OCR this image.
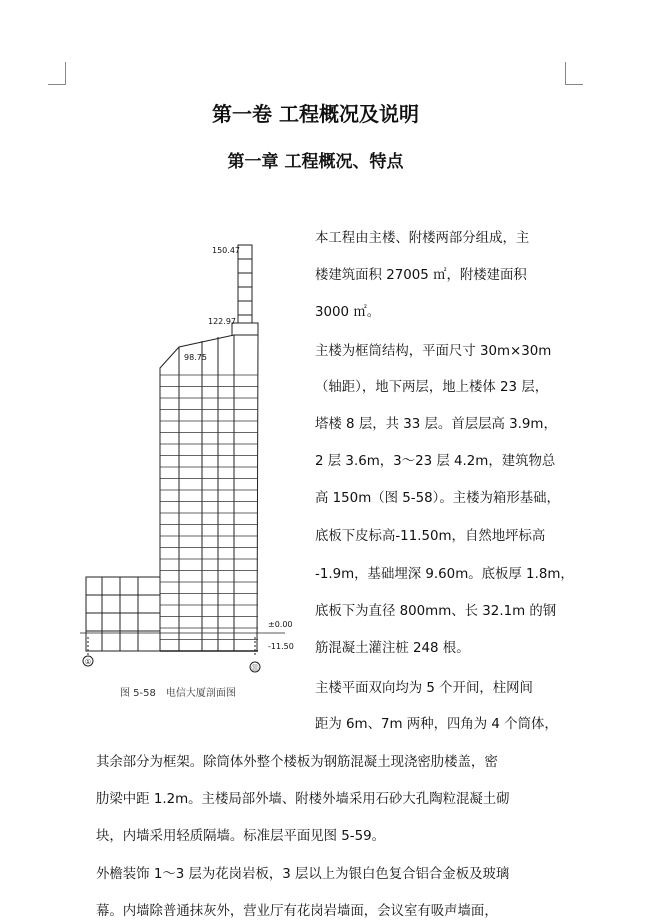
第一卷 工程概况及说明
第一章 工程概况、特点
150.47
122.97
98.75
±0.00
-11.50
①
⑪
图 5-58　电信大厦剖面图
本工程由主楼、附楼两部分组成，主
楼建筑面积 27005 ㎡，附楼建面积
3000 ㎡。
主楼为框筒结构，平面尺寸 30m×30m
（轴距），地下两层，地上楼体 23 层，
塔楼 8 层，共 33 层。首层层高 3.9m，
2 层 3.6m，3～23 层 4.2m，建筑物总
高 150m（图 5-58）。主楼为箱形基础，
底板下皮标高-11.50m，自然地坪标高
-1.9m，基础埋深 9.60m。底板厚 1.8m，
底板下为直径 800mm、长 32.1m 的钢
筋混凝土灌注桩 248 根。
主楼平面双向均为 5 个开间，柱网间
距为 6m、7m 两种，四角为 4 个筒体，
其余部分为框架。除筒体外整个楼板为钢筋混凝土现浇密肋楼盖，密
肋梁中距 1.2m。主楼局部外墙、附楼外墙采用石砂大孔陶粒混凝土砌
块，内墙采用轻质隔墙。标准层平面见图 5-59。
外檐装饰 1～3 层为花岗岩板，3 层以上为银白色复合铝合金板及玻璃
幕。内墙除普通抹灰外，营业厅有花岗岩墙面，会议室有吸声墙面，
